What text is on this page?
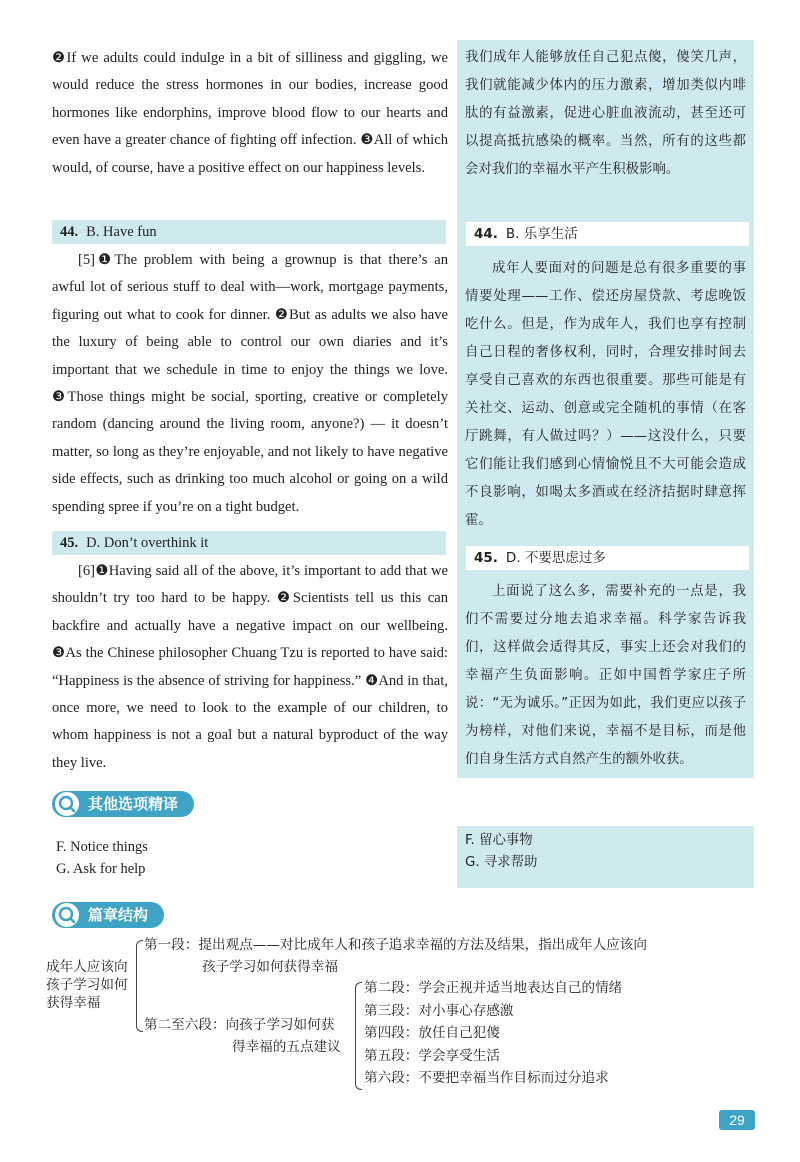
❷If we adults could indulge in a bit of silliness and giggling, we would reduce the stress hormones in our bodies, increase good hormones like endorphins, improve blood flow to our hearts and even have a greater chance of fighting off infection. ❸All of which would, of course, have a positive effect on our happiness levels.

我们成年人能够放任自己犯点傻，傻笑几声，我们就能减少体内的压力激素，增加类似内啡肽的有益激素，促进心脏血液流动，甚至还可以提高抵抗感染的概率。当然，所有的这些都会对我们的幸福水平产生积极影响。

44. B. Have fun	44. B. 乐享生活

成年人要面对的问题是总有很多重要的事情要处理——工作、偿还房屋贷款、考虑晚饭吃什么。但是，作为成年人，我们也享有控制自己日程的奢侈权利，同时，合理安排时间去享受自己喜欢的东西也很重要。那些可能是有关社交、运动、创意或完全随机的事情（在客厅跳舞，有人做过吗？）——这没什么，只要它们能让我们感到心情愉悦且不大可能会造成不良影响，如喝太多酒或在经济拮据时肆意挥霍。

[5]❶The problem with being a grownup is that there’s an awful lot of serious stuff to deal with—work, mortgage payments, figuring out what to cook for dinner. ❷But as adults we also have the luxury of being able to control our own diaries and it’s important that we schedule in time to enjoy the things we love. ❸Those things might be social, sporting, creative or completely random (dancing around the living room, anyone?) — it doesn’t matter, so long as they’re enjoyable, and not likely to have negative side effects, such as drinking too much alcohol or going on a wild spending spree if you’re on a tight budget.

45. D. Don’t overthink it
45. D. 不要思虑过多

上面说了这么多，需要补充的一点是，我们不需要过分地去追求幸福。科学家告诉我们，这样做会适得其反，事实上还会对我们的幸福产生负面影响。正如中国哲学家庄子所说：“无为诚乐。”正因为如此，我们更应以孩子为榜样，对他们来说，幸福不是目标，而是他们自身生活方式自然产生的额外收获。

[6]❶Having said all of the above, it’s important to add that we shouldn’t try too hard to be happy. ❷Scientists tell us this can backfire and actually have a negative impact on our wellbeing. ❸As the Chinese philosopher Chuang Tzu is reported to have said: “Happiness is the absence of striving for happiness.” ❹And in that, once more, we need to look to the example of our children, to whom happiness is not a goal but a natural byproduct of the way they live.

其他选项精译
F. Notice things
G. Ask for help
F. 留心事物
G. 寻求帮助
篇章结构
成年人应该向
孩子学习如何
获得幸福
第一段：提出观点——对比成年人和孩子追求幸福的方法及结果，指出成年人应该向
孩子学习如何获得幸福
第二至六段：向孩子学习如何获
得幸福的五点建议
第二段：学会正视并适当地表达自己的情绪
第三段：对小事心存感激
第四段：放任自己犯傻
第五段：学会享受生活
第六段：不要把幸福当作目标而过分追求
29
